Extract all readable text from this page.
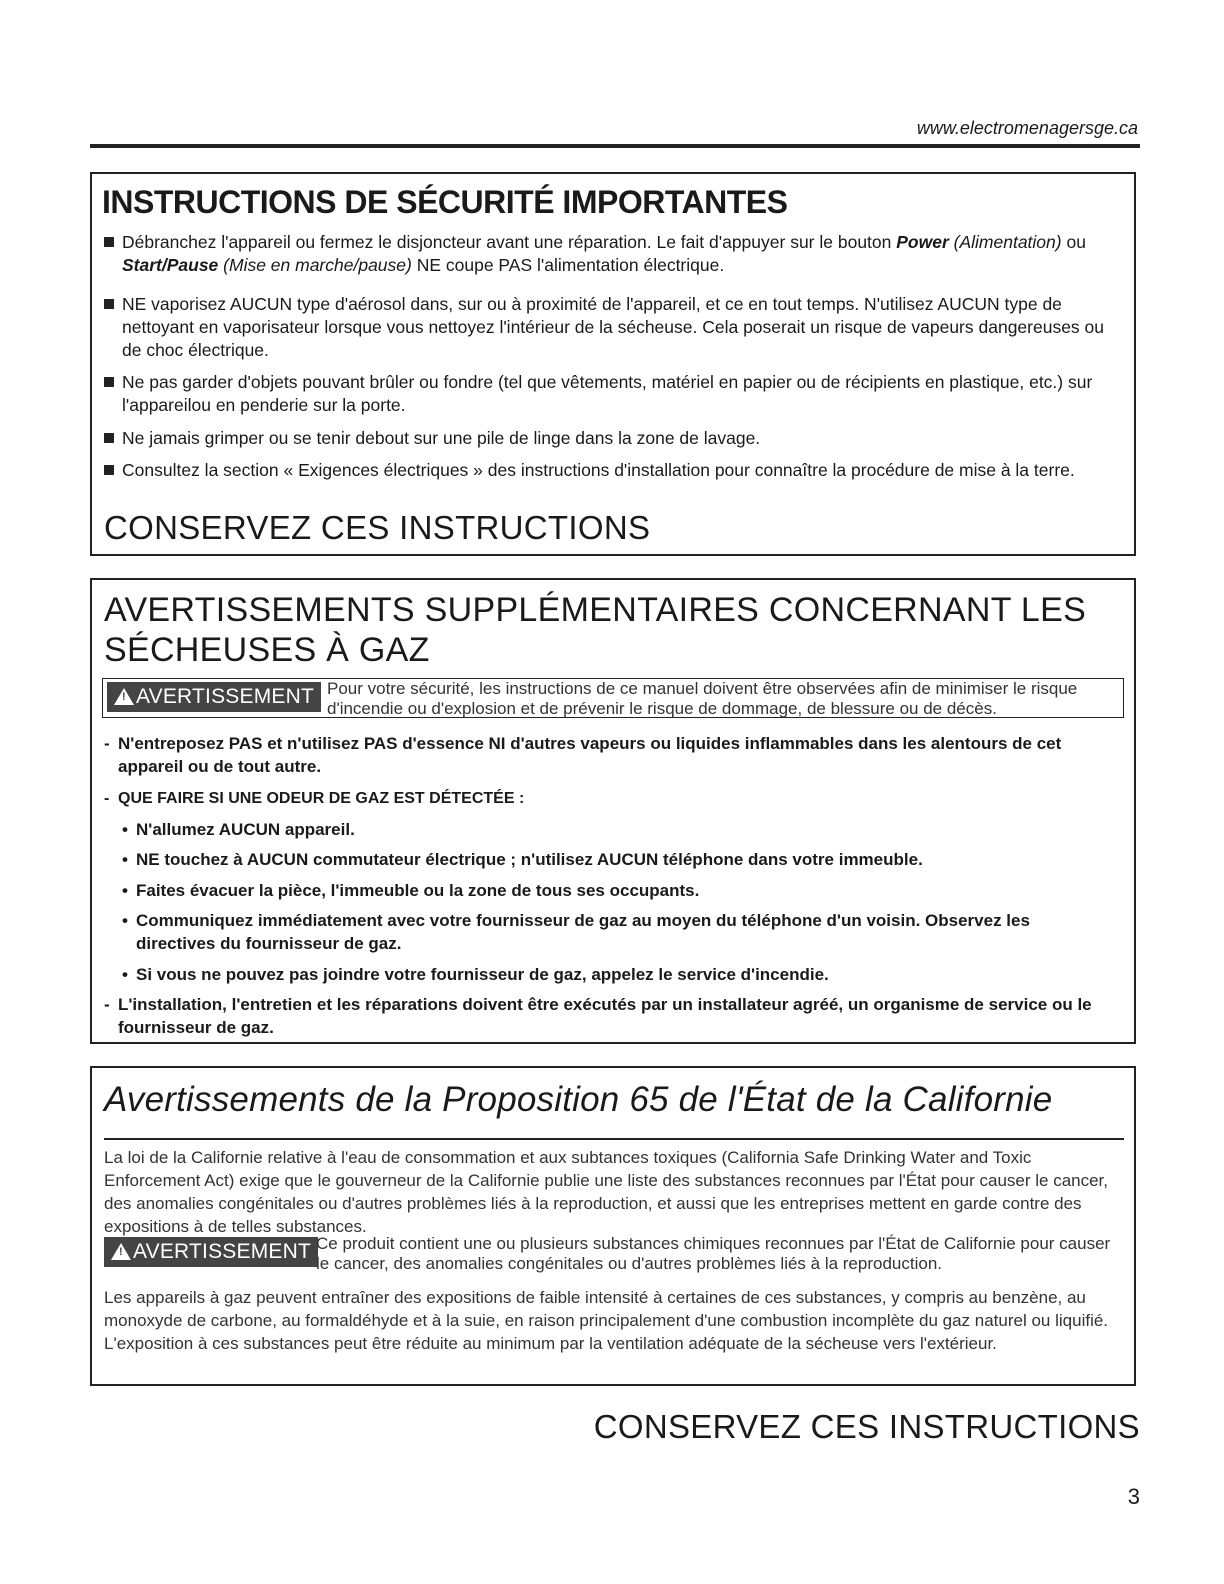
www.electromenagersge.ca
INSTRUCTIONS DE SÉCURITÉ IMPORTANTES
Débranchez l'appareil ou fermez le disjoncteur avant une réparation. Le fait d'appuyer sur le bouton Power (Alimentation) ou Start/Pause (Mise en marche/pause) NE coupe PAS l'alimentation électrique.
NE vaporisez AUCUN type d'aérosol dans, sur ou à proximité de l'appareil, et ce en tout temps. N'utilisez AUCUN type de nettoyant en vaporisateur lorsque vous nettoyez l'intérieur de la sécheuse. Cela poserait un risque de vapeurs dangereuses ou de choc électrique.
Ne pas garder d'objets pouvant brûler ou fondre (tel que vêtements, matériel en papier ou de récipients en plastique, etc.) sur l'appareilou en penderie sur la porte.
Ne jamais grimper ou se tenir debout sur une pile de linge dans la zone de lavage.
Consultez la section « Exigences électriques » des instructions d'installation pour connaître la procédure de mise à la terre.
CONSERVEZ CES INSTRUCTIONS
AVERTISSEMENTS SUPPLÉMENTAIRES CONCERNANT LES
SÉCHEUSES À GAZ
! AVERTISSEMENT Pour votre sécurité, les instructions de ce manuel doivent être observées afin de minimiser le risque d'incendie ou d'explosion et de prévenir le risque de dommage, de blessure ou de décès.
- N'entreposez PAS et n'utilisez PAS d'essence NI d'autres vapeurs ou liquides inflammables dans les alentours de cet appareil ou de tout autre.
- QUE FAIRE SI UNE ODEUR DE GAZ EST DÉTECTÉE :
• N'allumez AUCUN appareil.
• NE touchez à AUCUN commutateur électrique ; n'utilisez AUCUN téléphone dans votre immeuble.
• Faites évacuer la pièce, l'immeuble ou la zone de tous ses occupants.
• Communiquez immédiatement avec votre fournisseur de gaz au moyen du téléphone d'un voisin. Observez les directives du fournisseur de gaz.
• Si vous ne pouvez pas joindre votre fournisseur de gaz, appelez le service d'incendie.
- L'installation, l'entretien et les réparations doivent être exécutés par un installateur agréé, un organisme de service ou le fournisseur de gaz.
Avertissements de la Proposition 65 de l'État de la Californie
La loi de la Californie relative à l'eau de consommation et aux subtances toxiques (California Safe Drinking Water and Toxic Enforcement Act) exige que le gouverneur de la Californie publie une liste des substances reconnues par l'État pour causer le cancer, des anomalies congénitales ou d'autres problèmes liés à la reproduction, et aussi que les entreprises mettent en garde contre des expositions à de telles substances.
! AVERTISSEMENT Ce produit contient une ou plusieurs substances chimiques reconnues par l'État de Californie pour causer le cancer, des anomalies congénitales ou d'autres problèmes liés à la reproduction.
Les appareils à gaz peuvent entraîner des expositions de faible intensité à certaines de ces substances, y compris au benzène, au monoxyde de carbone, au formaldéhyde et à la suie, en raison principalement d'une combustion incomplète du gaz naturel ou liquifié. L'exposition à ces substances peut être réduite au minimum par la ventilation adéquate de la sécheuse vers l'extérieur.
CONSERVEZ CES INSTRUCTIONS
3
